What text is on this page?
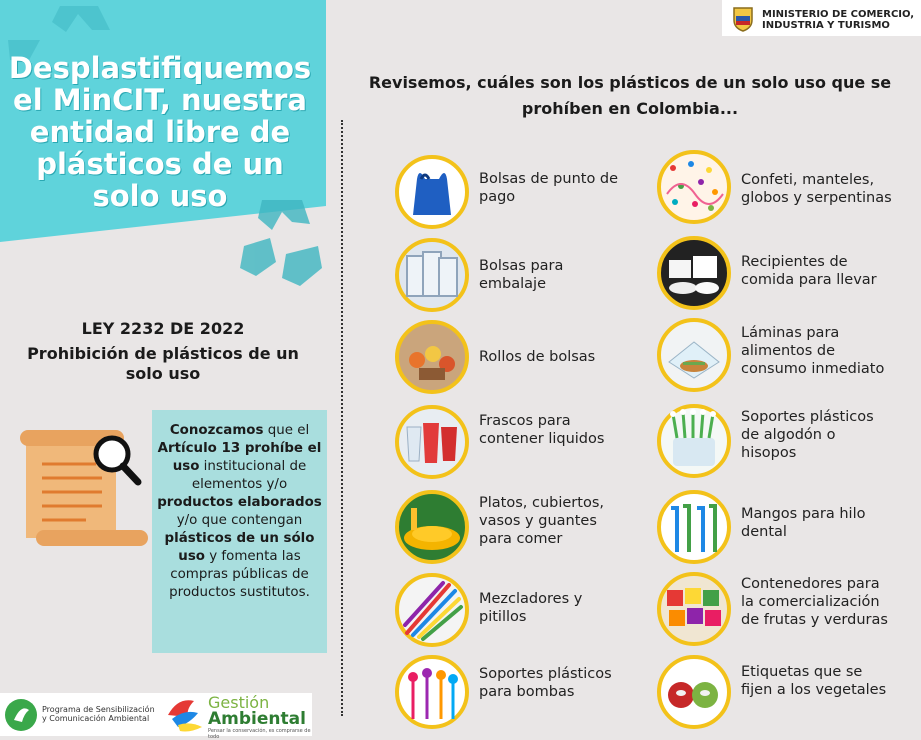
Desplastifiquemos el MinCIT, nuestra entidad libre de plásticos de un solo uso
LEY 2232 DE 2022
Prohibición de plásticos de un solo uso
Conozcamos que el Artículo 13 prohíbe el uso institucional de elementos y/o productos elaborados y/o que contengan plásticos de un sólo uso y fomenta las compras públicas de productos sustitutos.
Programa de Sensibilización
y Comunicación Ambiental
Gestión
Ambiental
Pensar la conservación, es comprarse de todo
MINISTERIO DE COMERCIO,
INDUSTRIA Y TURISMO
Revisemos, cuáles son los plásticos de un solo uso que se prohíben en Colombia...
Bolsas de punto de pago
Bolsas para embalaje
Rollos de bolsas
Frascos para contener liquidos
Platos, cubiertos, vasos y guantes para comer
Mezcladores y pitillos
Soportes plásticos para bombas
Confeti, manteles, globos y serpentinas
Recipientes de comida para llevar
Láminas para alimentos de consumo inmediato
Soportes plásticos de algodón o hisopos
Mangos para hilo dental
Contenedores para la comercialización de frutas y verduras
Etiquetas que se fijen a los vegetales
